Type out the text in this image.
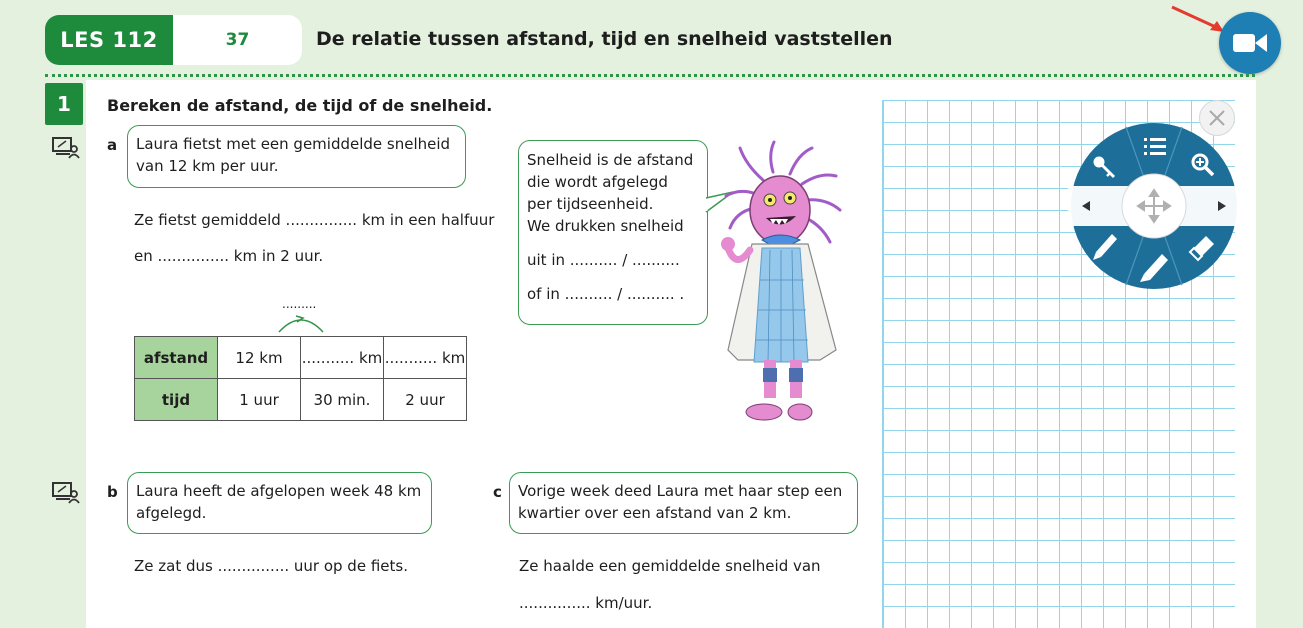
LES 112	37	De relatie tussen afstand, tijd en snelheid vaststellen
1	Bereken de afstand, de tijd of de snelheid.
a	Laura fietst met een gemiddelde snelheid van 12 km per uur.
Ze fietst gemiddeld ............... km in een halfuur
en ............... km in 2 uur.
.........
afstand	12 km	........... km	........... km
tijd	1 uur	30 min.	2 uur
Snelheid is de afstand
die wordt afgelegd
per tijdseenheid.
We drukken snelheid
uit in .......... / ..........
of in .......... / .......... .
b	Laura heeft de afgelopen week 48 km afgelegd.
Ze zat dus ............... uur op de fiets.
c	Vorige week deed Laura met haar step een kwartier over een afstand van 2 km.
Ze haalde een gemiddelde snelheid van
............... km/uur.
